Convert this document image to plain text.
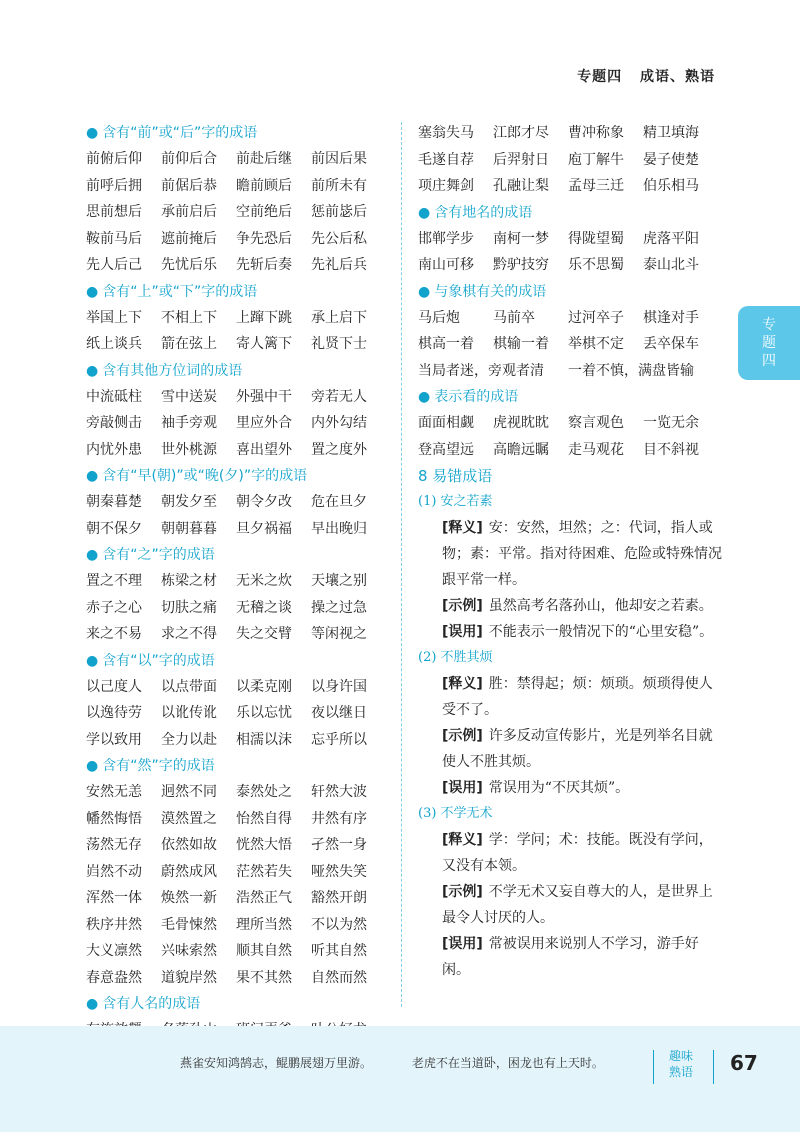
专题四 成语、熟语
● 含有“前”或“后”字的成语
前俯后仰	前仰后合	前赴后继	前因后果
前呼后拥	前倨后恭	瞻前顾后	前所未有
思前想后	承前启后	空前绝后	惩前毖后
鞍前马后	遮前掩后	争先恐后	先公后私
先人后己	先忧后乐	先斩后奏	先礼后兵
● 含有“上”或“下”字的成语
举国上下	不相上下	上蹿下跳	承上启下
纸上谈兵	箭在弦上	寄人篱下	礼贤下士
● 含有其他方位词的成语
中流砥柱	雪中送炭	外强中干	旁若无人
旁敲侧击	袖手旁观	里应外合	内外勾结
内忧外患	世外桃源	喜出望外	置之度外
● 含有“早(朝)”或“晚(夕)”字的成语
朝秦暮楚	朝发夕至	朝令夕改	危在旦夕
朝不保夕	朝朝暮暮	旦夕祸福	早出晚归
● 含有“之”字的成语
置之不理	栋梁之材	无米之炊	天壤之别
赤子之心	切肤之痛	无稽之谈	操之过急
来之不易	求之不得	失之交臂	等闲视之
● 含有“以”字的成语
以己度人	以点带面	以柔克刚	以身许国
以逸待劳	以讹传讹	乐以忘忧	夜以继日
学以致用	全力以赴	相濡以沫	忘乎所以
● 含有“然”字的成语
安然无恙	迥然不同	泰然处之	轩然大波
幡然悔悟	漠然置之	怡然自得	井然有序
荡然无存	依然如故	恍然大悟	孑然一身
岿然不动	蔚然成风	茫然若失	哑然失笑
浑然一体	焕然一新	浩然正气	豁然开朗
秩序井然	毛骨悚然	理所当然	不以为然
大义凛然	兴味索然	顺其自然	听其自然
春意盎然	道貌岸然	果不其然	自然而然
● 含有人名的成语
塞翁失马	江郎才尽	曹冲称象	精卫填海
毛遂自荐	后羿射日	庖丁解牛	晏子使楚
项庄舞剑	孔融让梨	孟母三迁	伯乐相马
● 含有地名的成语
邯郸学步	南柯一梦	得陇望蜀	虎落平阳
南山可移	黔驴技穷	乐不思蜀	泰山北斗
● 与象棋有关的成语
马后炮	马前卒	过河卒子	棋逢对手
棋高一着	棋输一着	举棋不定	丢卒保车
当局者迷，旁观者清	一着不慎，满盘皆输
● 表示看的成语
面面相觑	虎视眈眈	察言观色	一览无余
登高望远	高瞻远瞩	走马观花	目不斜视
8 易错成语
(1) 安之若素
[释义] 安：安然，坦然；之：代词，指人或物；素：平常。指对待困难、危险或特殊情况跟平常一样。
[示例] 虽然高考名落孙山，他却安之若素。
[误用] 不能表示一般情况下的“心里安稳”。
(2) 不胜其烦
[释义] 胜：禁得起；烦：烦琐。烦琐得使人受不了。
[示例] 许多反动宣传影片，光是列举名目就使人不胜其烦。
[误用] 常误用为“不厌其烦”。
(3) 不学无术
[释义] 学：学问；术：技能。既没有学问，又没有本领。
[示例] 不学无术又妄自尊大的人，是世界上最令人讨厌的人。
[误用] 常被误用来说别人不学习，游手好闲。
专
题
四
燕雀安知鸿鹄志，鲲鹏展翅万里游。	老虎不在当道卧，困龙也有上天时。	趣味
熟语 67
